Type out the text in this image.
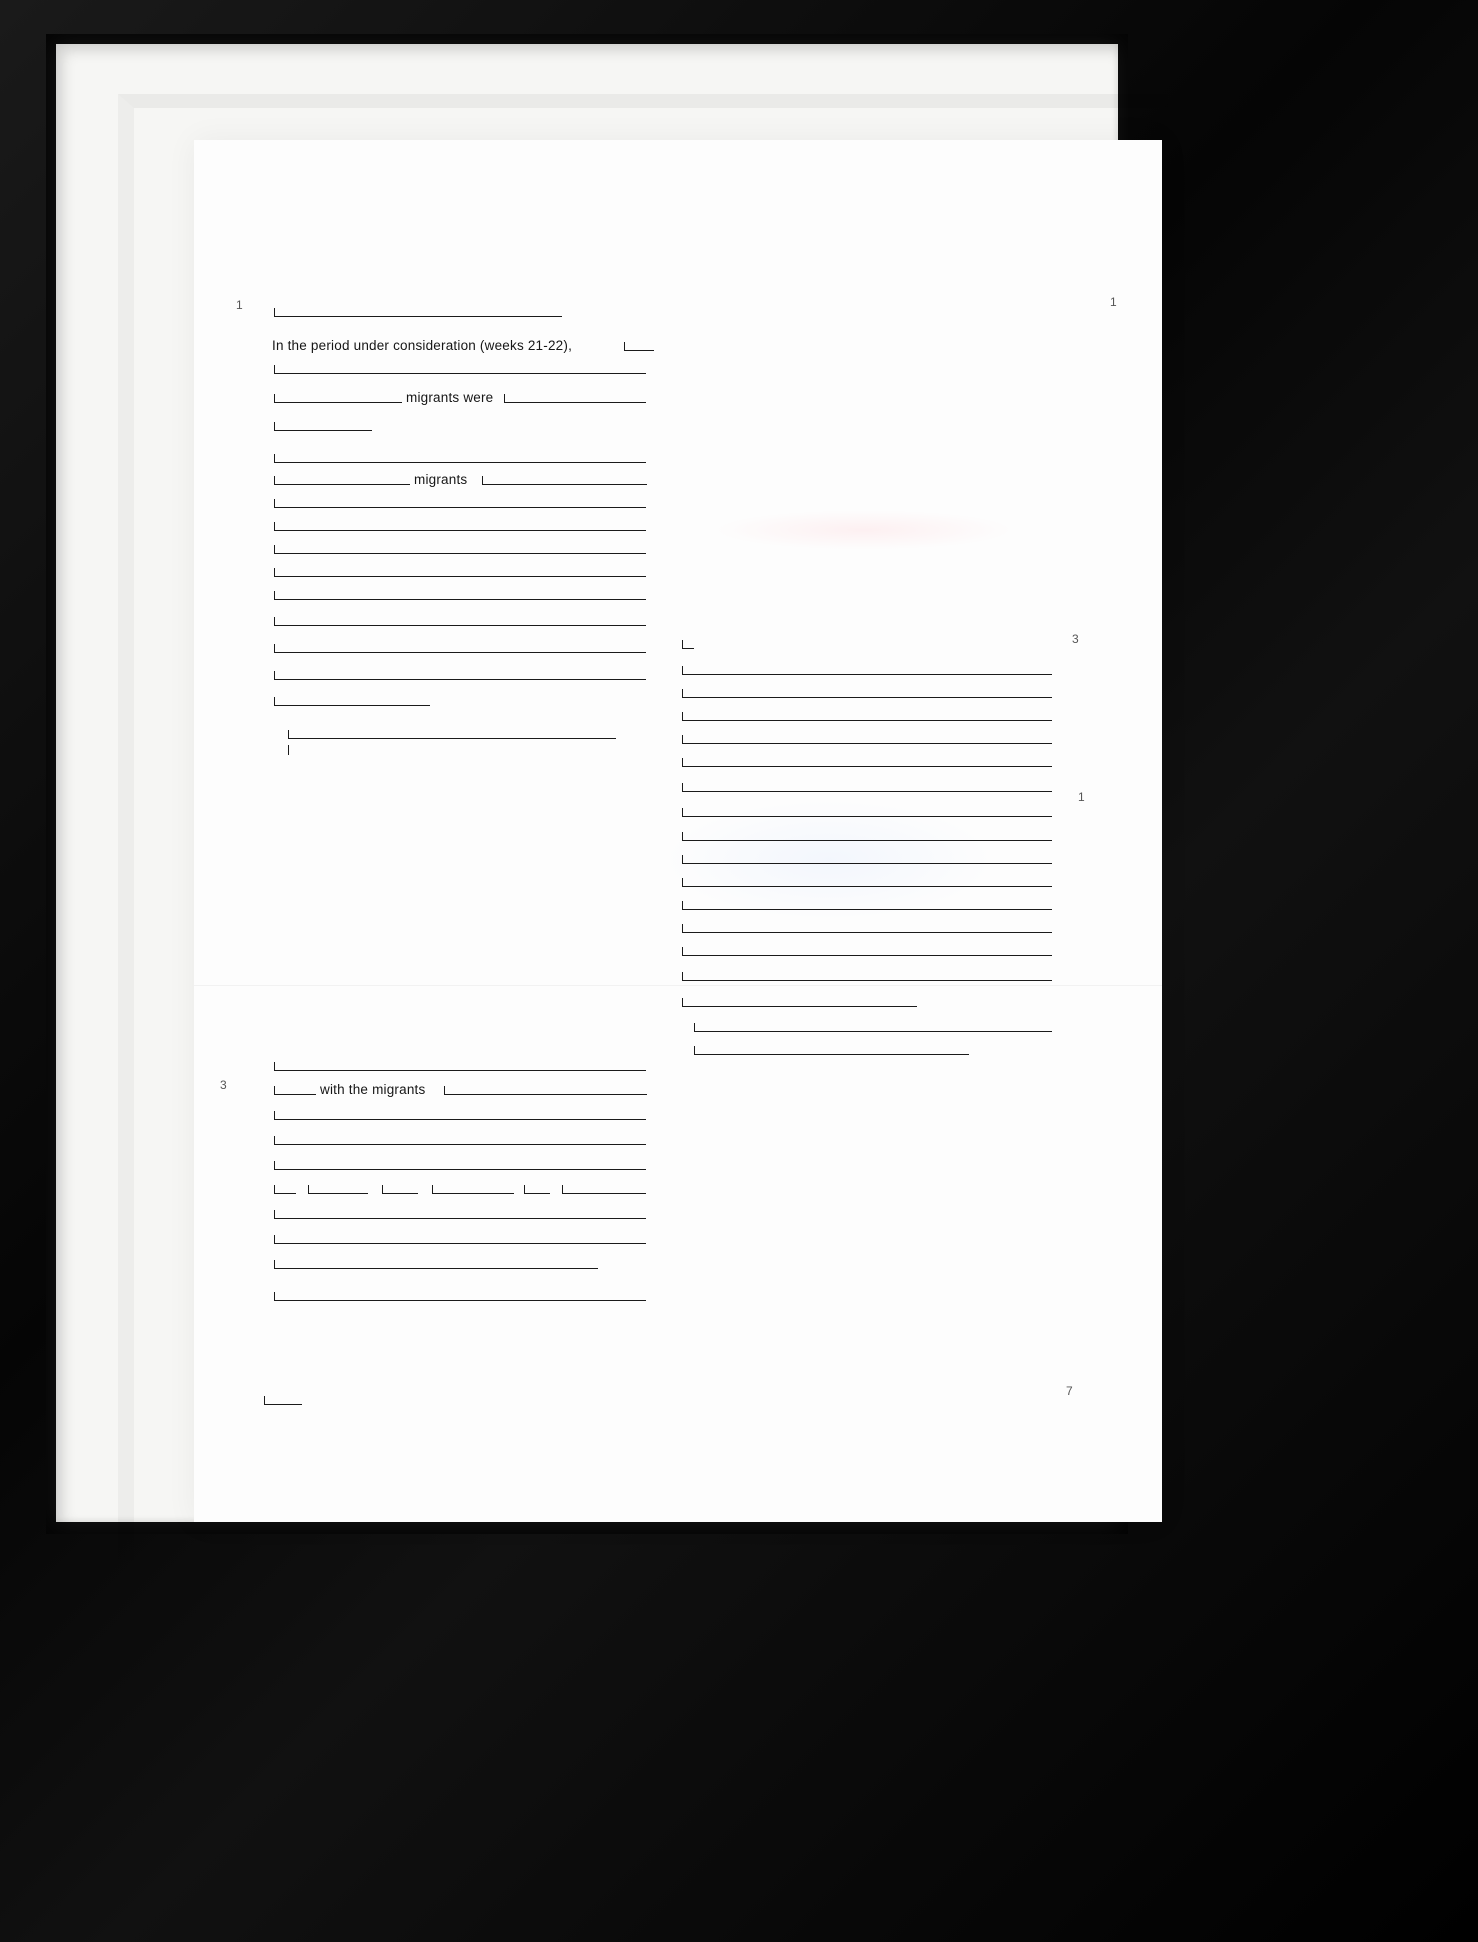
1	1
3
1
3
7
In the period under consideration (weeks 21-22),
migrants were
migrants
with the migrants
